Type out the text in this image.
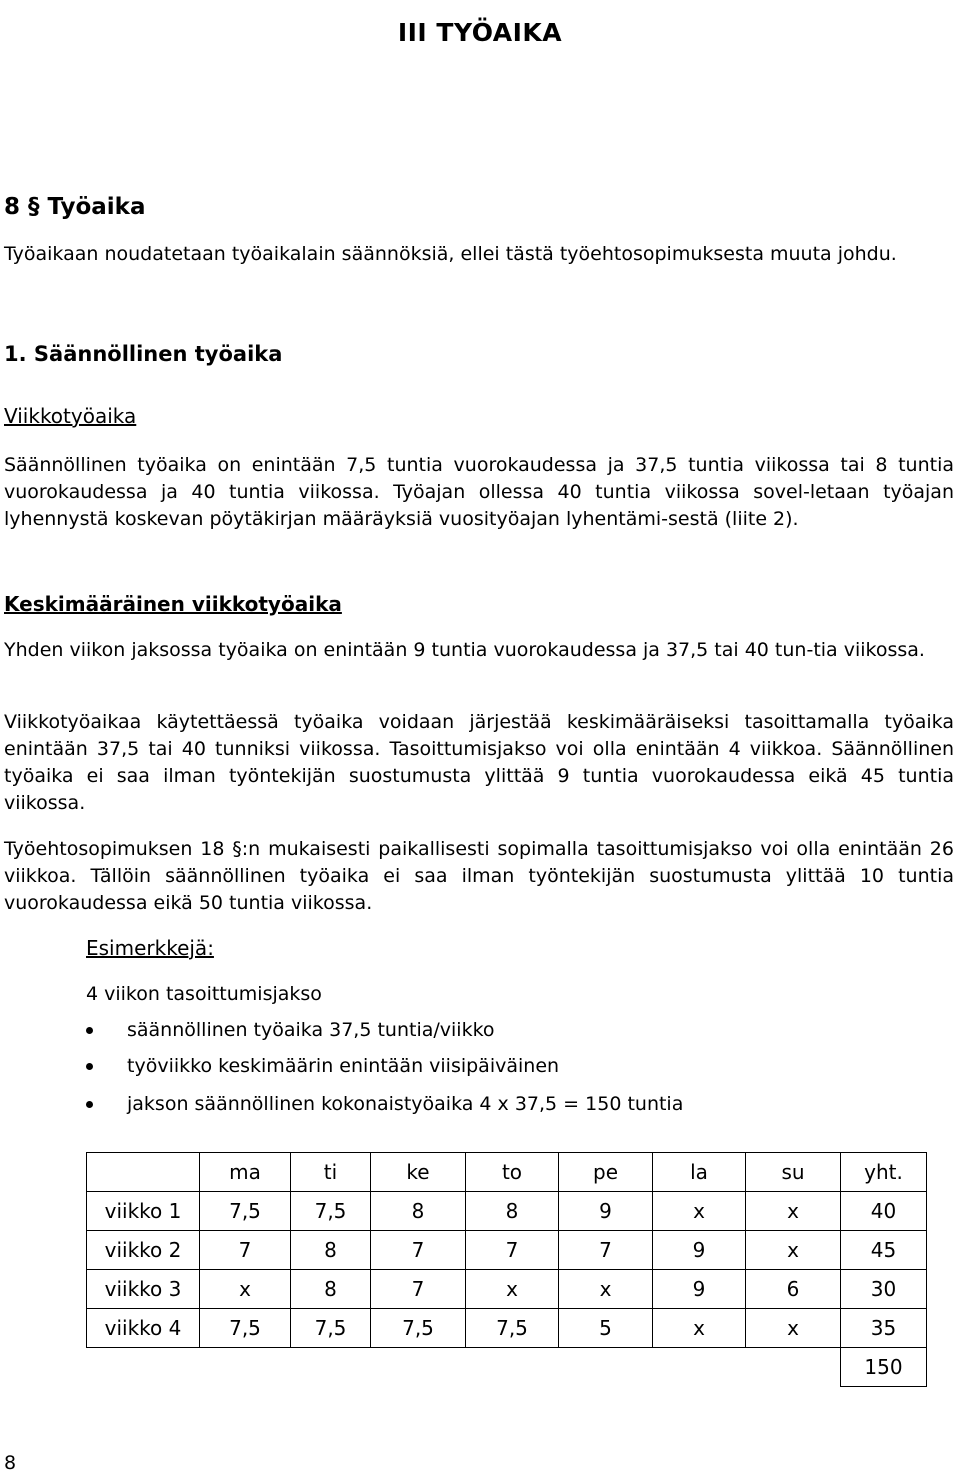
III TYÖAIKA
8 § Työaika

Työaikaan noudatetaan työaikalain säännöksiä, ellei tästä työehtosopimuksesta muuta johdu.

1. Säännöllinen työaika
Viikkotyöaika

Säännöllinen työaika on enintään 7,5 tuntia vuorokaudessa ja 37,5 tuntia viikossa tai 8 tuntia vuorokaudessa ja 40 tuntia viikossa. Työajan ollessa 40 tuntia viikossa sovel-letaan työajan lyhennystä koskevan pöytäkirjan määräyksiä vuosityöajan lyhentämi-sestä (liite 2).

Keskimääräinen viikkotyöaika

Yhden viikon jaksossa työaika on enintään 9 tuntia vuorokaudessa ja 37,5 tai 40 tun-tia viikossa.

Viikkotyöaikaa käytettäessä työaika voidaan järjestää keskimääräiseksi tasoittamalla työaika enintään 37,5 tai 40 tunniksi viikossa. Tasoittumisjakso voi olla enintään 4 viikkoa. Säännöllinen työaika ei saa ilman työntekijän suostumusta ylittää 9 tuntia vuorokaudessa eikä 45 tuntia viikossa.

Työehtosopimuksen 18 §:n mukaisesti paikallisesti sopimalla tasoittumisjakso voi olla enintään 26 viikkoa. Tällöin säännöllinen työaika ei saa ilman työntekijän suostumusta ylittää 10 tuntia vuorokaudessa eikä 50 tuntia viikossa.

Esimerkkejä:
4 viikon tasoittumisjakso
säännöllinen työaika 37,5 tuntia/viikko
työviikko keskimäärin enintään viisipäiväinen
jakson säännöllinen kokonaistyöaika 4 x 37,5 = 150 tuntia
	ma	ti	ke	to	pe	la	su	yht.
viikko 1	7,5	7,5	8	8	9	x	x	40
viikko 2	7	8	7	7	7	9	x	45
viikko 3	x	8	7	x	x	9	6	30
viikko 4	7,5	7,5	7,5	7,5	5	x	x	35
								150
8
